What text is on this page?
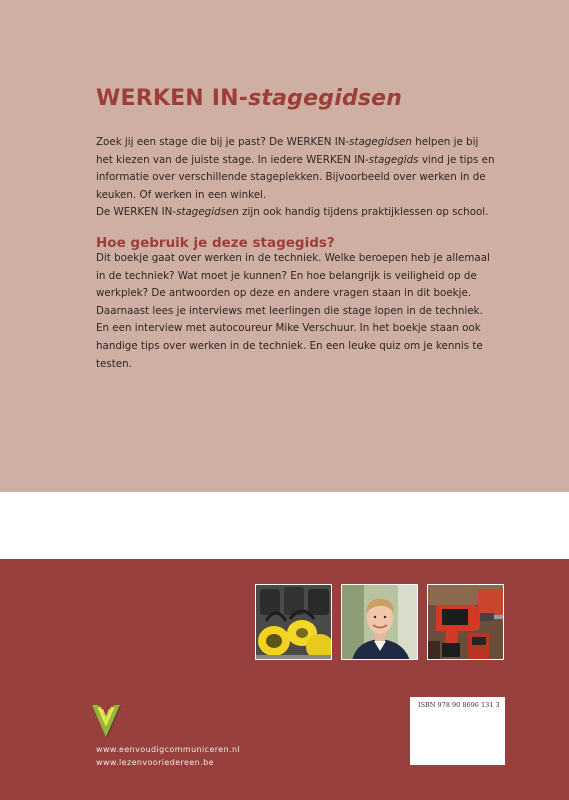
WERKEN IN-stagegidsen
Zoek jij een stage die bij je past? De WERKEN IN-stagegidsen helpen je bij
het kiezen van de juiste stage. In iedere WERKEN IN-stagegids vind je tips en
informatie over verschillende stageplekken. Bijvoorbeeld over werken in de
keuken. Of werken in een winkel.
De WERKEN IN-stagegidsen zijn ook handig tijdens praktijklessen op school.
Hoe gebruik je deze stagegids?
Dit boekje gaat over werken in de techniek. Welke beroepen heb je allemaal
in de techniek? Wat moet je kunnen? En hoe belangrijk is veiligheid op de
werkplek? De antwoorden op deze en andere vragen staan in dit boekje.
Daarnaast lees je interviews met leerlingen die stage lopen in de techniek.
En een interview met autocoureur Mike Verschuur. In het boekje staan ook
handige tips over werken in de techniek. En een leuke quiz om je kennis te
testen.
www.eenvoudigcommuniceren.nl
www.lezenvooriedereen.be

ISBN 978 90 8696 131 3
